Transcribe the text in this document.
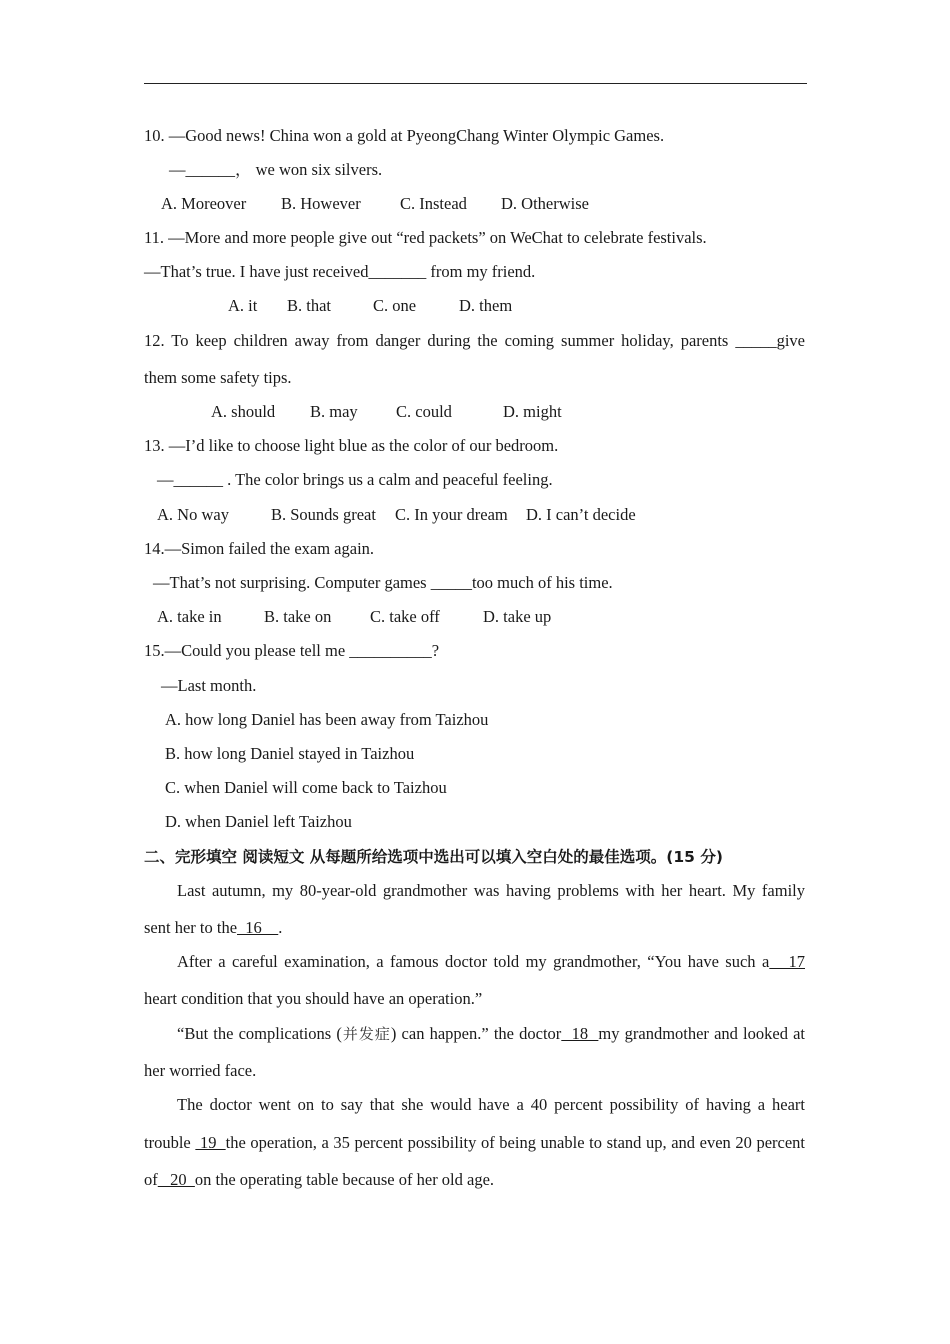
10. —Good news! China won a gold at PyeongChang Winter Olympic Games.
—______， we won six silvers.
A. Moreover B. However C. Instead D. Otherwise
11. —More and more people give out “red packets” on WeChat to celebrate festivals.
—That’s true. I have just received_______ from my friend.
A. it B. that	C. one	D. them
12. To keep children away from danger during the coming summer holiday, parents _____give
them some safety tips.
A. should B. may C. could	D. might
13. —I’d like to choose light blue as the color of our bedroom.
—______ . The color brings us a calm and peaceful feeling.
A. No way	B. Sounds great C. In your dream D. I can’t decide
14.—Simon failed the exam again.
—That’s not surprising. Computer games _____too much of his time.
A. take in	B. take on C. take off	D. take up
15.—Could you please tell me __________?
—Last month.
A. how long Daniel has been away from Taizhou
B. how long Daniel stayed in Taizhou
C. when Daniel will come back to Taizhou
D. when Daniel left Taizhou
二、完形填空 阅读短文 从每题所给选项中选出可以填入空白处的最佳选项。(15 分)
Last autumn, my 80-year-old grandmother was having problems with her heart. My family
sent her to the  16    .
After a careful examination, a famous doctor told my grandmother, “You have such a   17
heart condition that you should have an operation.”
“But the complications (并发症) can happen.” the doctor  18  my grandmother and looked at
her worried face.
The doctor went on to say that she would have a 40 percent possibility of having a heart
trouble  19  the operation, a 35 percent possibility of being unable to stand up, and even 20 percent
of   20  on the operating table because of her old age.
